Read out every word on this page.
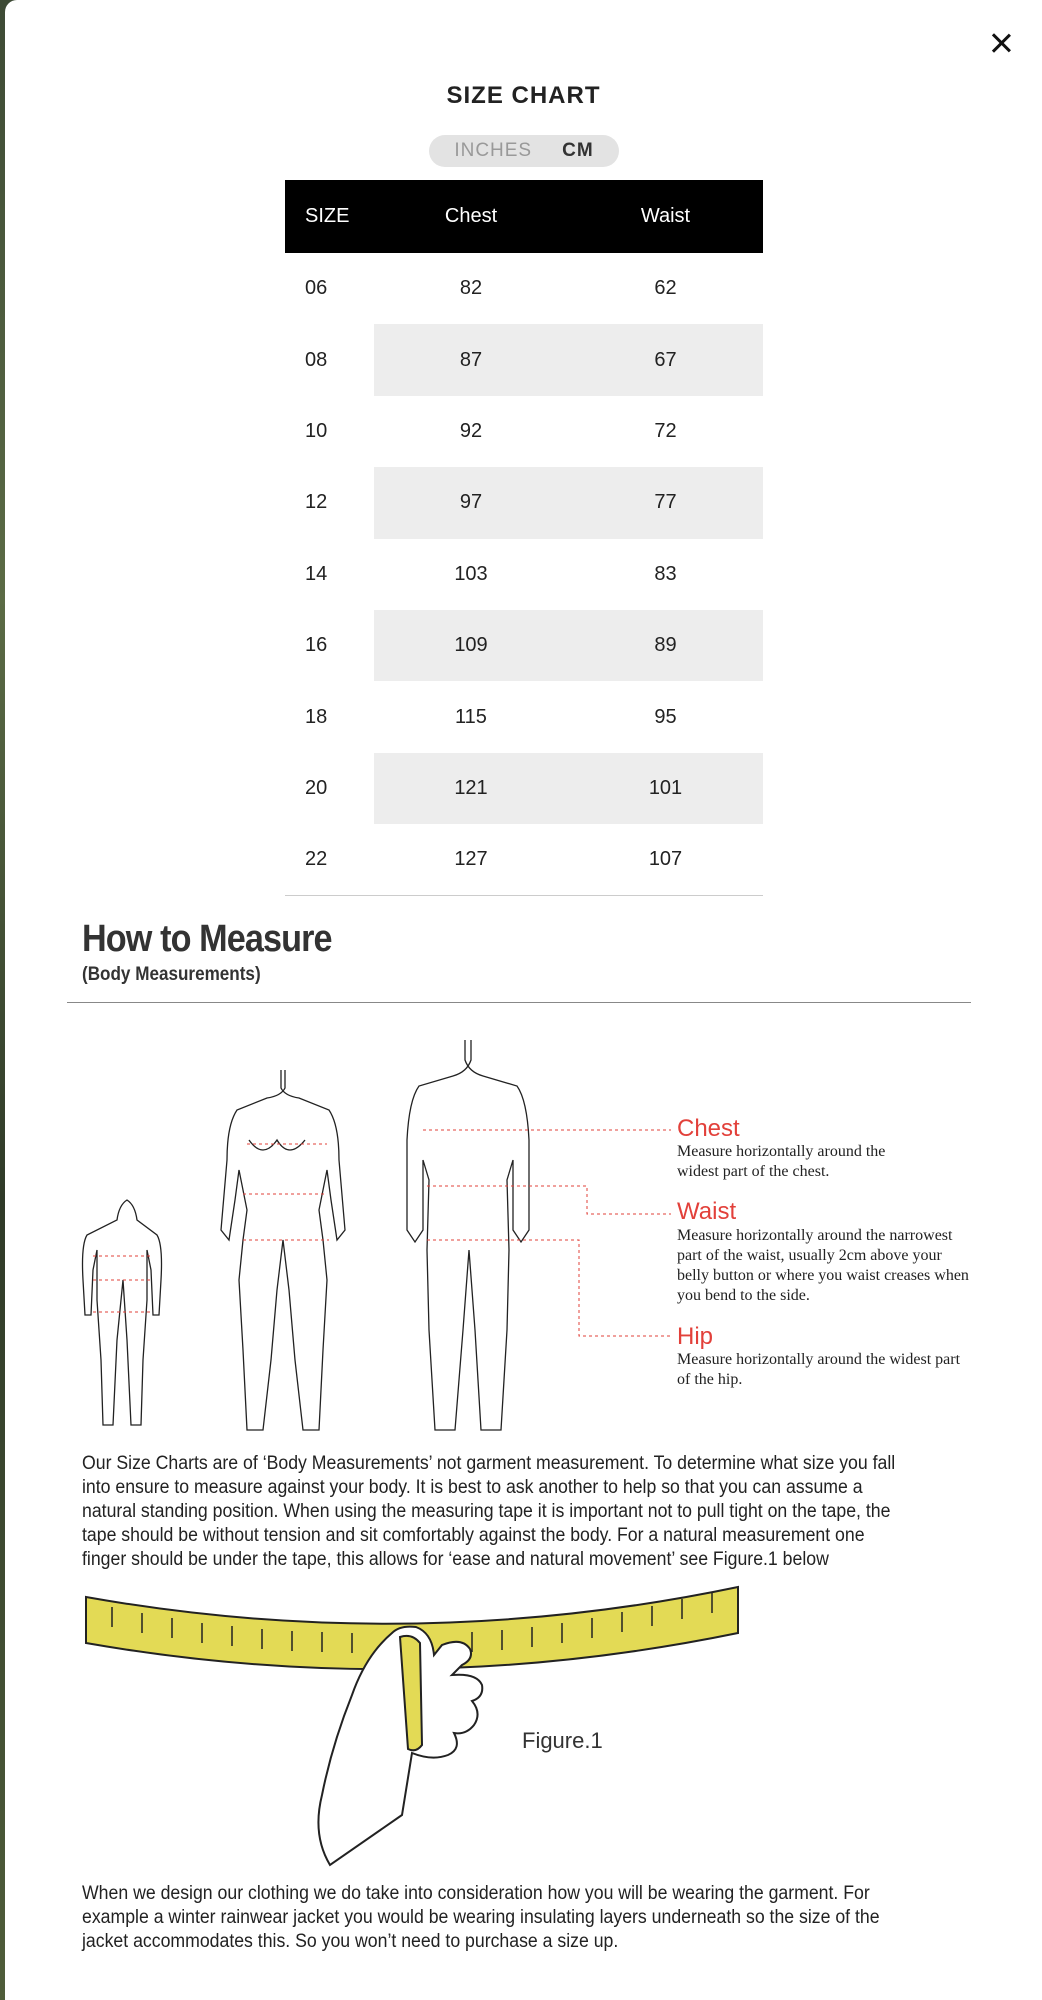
SIZE CHART
INCHES CM
SIZE	Chest	Waist
06	82	62
08	87	67
10	92	72
12	97	77
14	103	83
16	109	89
18	115	95
20	121	101
22	127	107
How to Measure
(Body Measurements)
Chest
Measure horizontally around the widest part of the chest.
Waist
Measure horizontally around the narrowest part of the waist, usually 2cm above your belly button or where you waist creases when you bend to the side.
Hip
Measure horizontally around the widest part of the hip.

Our Size Charts are of ‘Body Measurements’ not garment measurement. To determine what size you fall into ensure to measure against your body. It is best to ask another to help so that you can assume a natural standing position. When using the measuring tape it is important not to pull tight on the tape, the tape should be without tension and sit comfortably against the body. For a natural measurement one finger should be under the tape, this allows for ‘ease and natural movement’ see Figure.1 below

Figure.1

When we design our clothing we do take into consideration how you will be wearing the garment. For example a winter rainwear jacket you would be wearing insulating layers underneath so the size of the jacket accommodates this. So you won’t need to purchase a size up.
